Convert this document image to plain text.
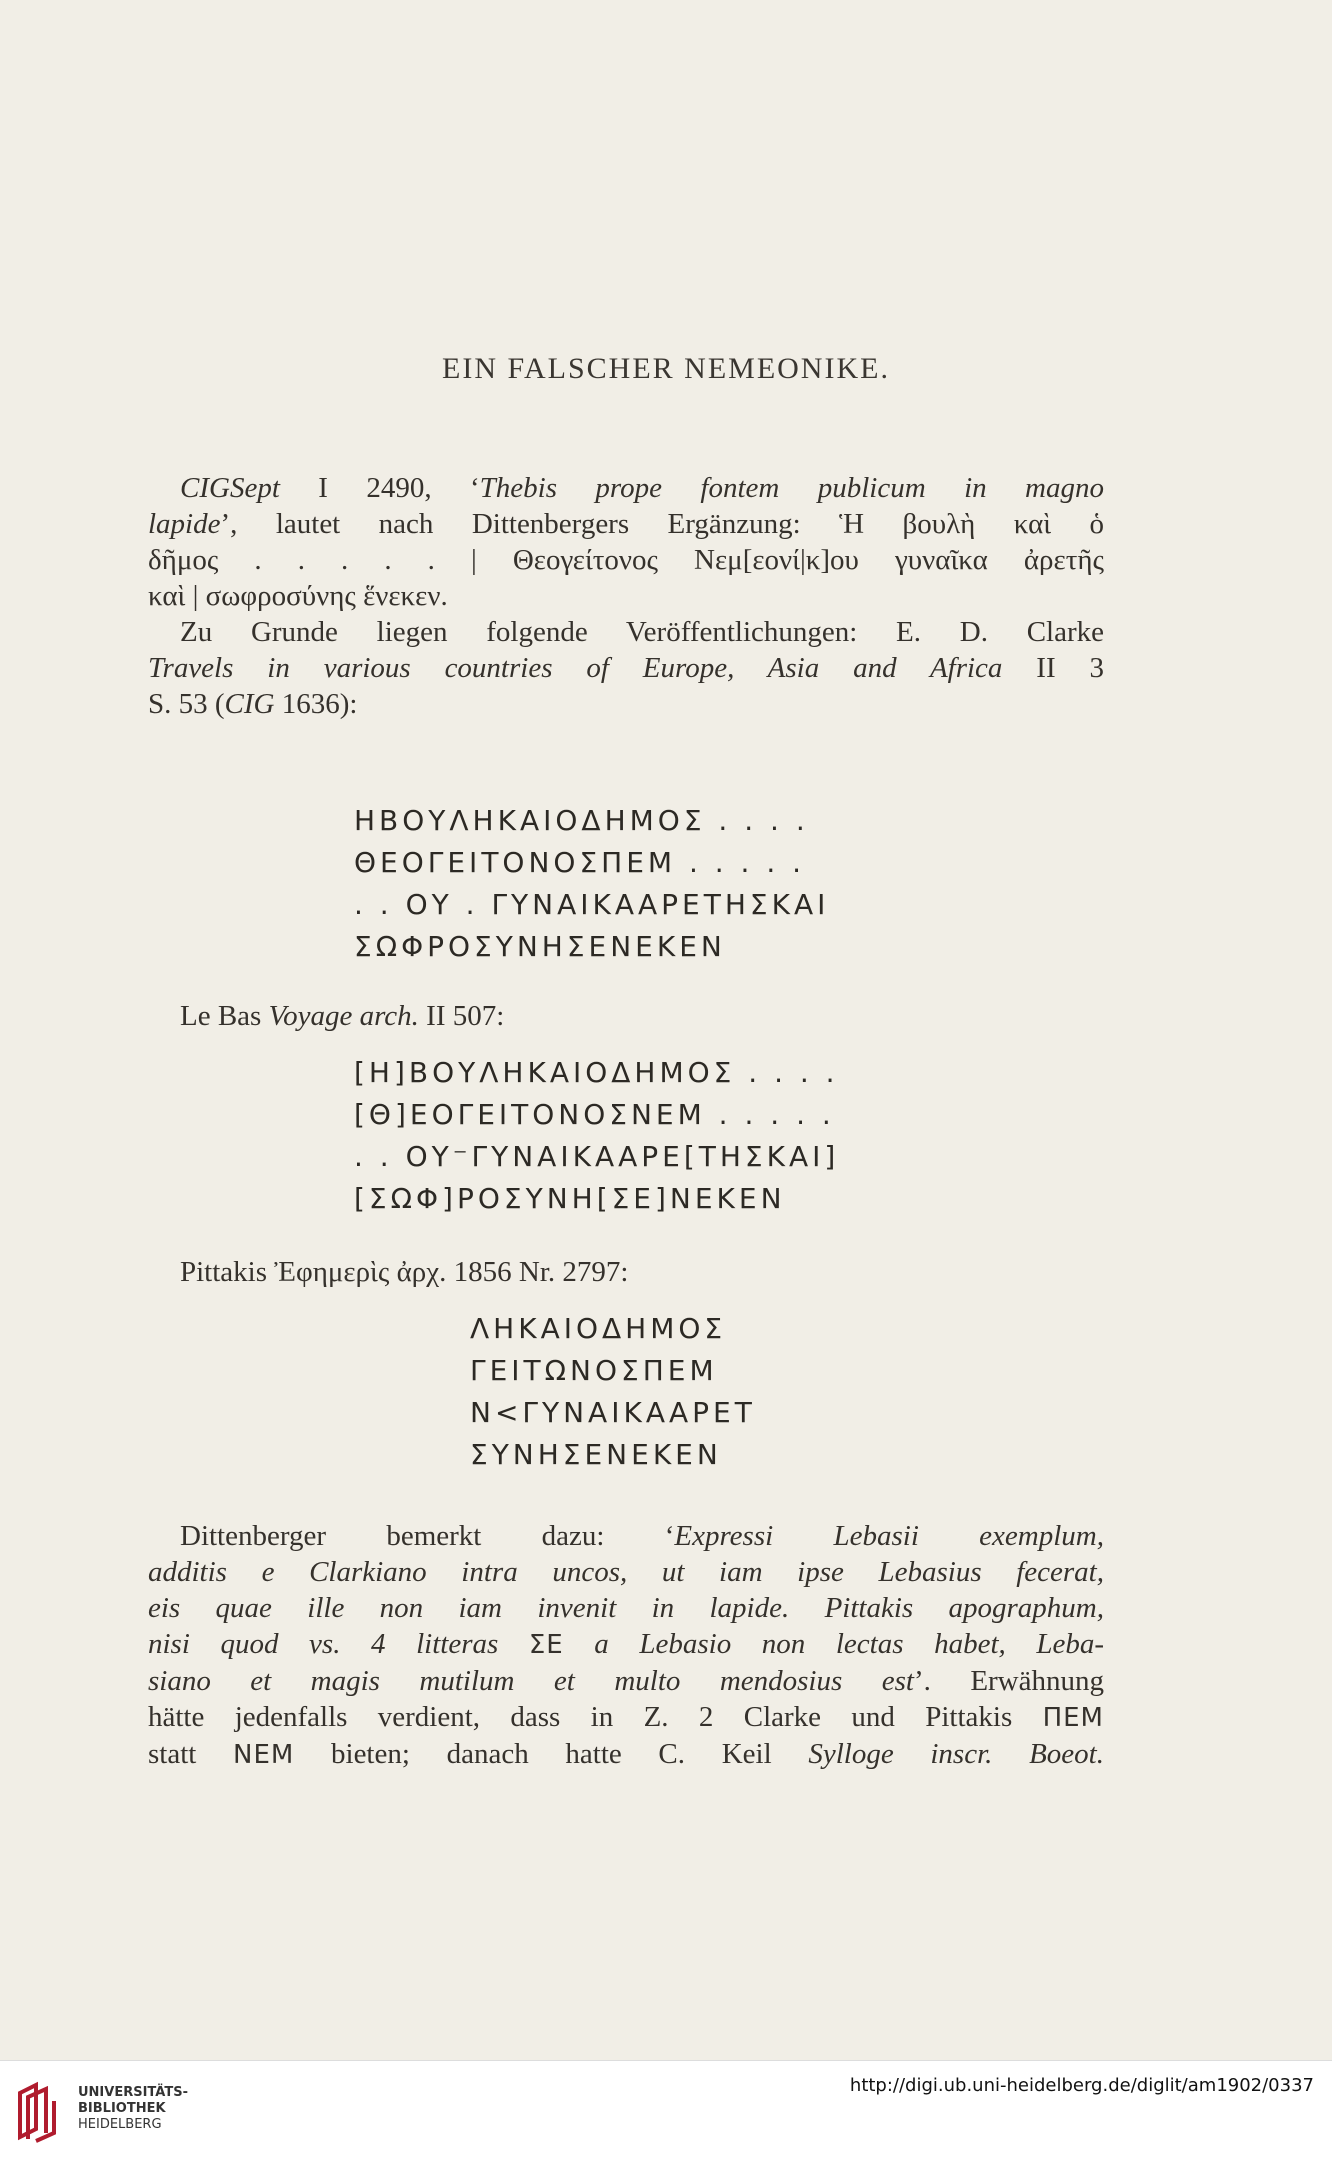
EIN FALSCHER NEMEONIKE.
CIGSept I 2490, ‘Thebis prope fontem publicum in magno
lapide’, lautet nach Dittenbergers Ergänzung: Ἡ βουλὴ καὶ ὁ
δῆμος . . . . . | Θεογείτονος Νεμ[εονί|κ]ου γυναῖκα ἀρετῆς
καὶ | σωφροσύνης ἕνεκεν.
Zu Grunde liegen folgende Veröffentlichungen: E. D. Clarke
Travels in various countries of Europe, Asia and Africa II 3
S. 53 (CIG 1636):
ΗΒΟΥΛΗΚΑΙΟΔΗΜΟΣ . . . .
ΘΕΟΓΕΙΤΟΝΟΣΠΕΜ . . . . .
. . ΟΥ . ΓΥΝΑΙΚΑΑΡΕΤΗΣΚΑΙ
ΣΩΦΡΟΣΥΝΗΣΕΝΕΚΕΝ
Le Bas Voyage arch. II 507:
[Η]ΒΟΥΛΗΚΑΙΟΔΗΜΟΣ . . . .
[Θ]ΕΟΓΕΙΤΟΝΟΣΝΕΜ . . . . .
. . ΟΥ⁻ΓΥΝΑΙΚΑΑΡΕ[ΤΗΣΚΑΙ]
[ΣΩΦ]ΡΟΣΥΝΗ[ΣΕ]ΝΕΚΕΝ
Pittakis Ἐφημερὶς ἀρχ. 1856 Nr. 2797:
ΛΗΚΑΙΟΔΗΜΟΣ
ΓΕΙΤΩΝΟΣΠΕΜ
Ν<ΓΥΝΑΙΚΑΑΡΕΤ
ΣΥΝΗΣΕΝΕΚΕΝ
Dittenberger bemerkt dazu: ‘Expressi Lebasii exemplum,
additis e Clarkiano intra uncos, ut iam ipse Lebasius fecerat,
eis quae ille non iam invenit in lapide. Pittakis apographum,
nisi quod vs. 4 litteras ΣΕ a Lebasio non lectas habet, Leba-
siano et magis mutilum et multo mendosius est’. Erwähnung
hätte jedenfalls verdient, dass in Z. 2 Clarke und Pittakis ΠΕΜ
statt ΝΕΜ bieten; danach hatte C. Keil Sylloge inscr. Boeot.
UNIVERSITÄTS-
BIBLIOTHEK
HEIDELBERG
http://digi.ub.uni-heidelberg.de/diglit/am1902/0337
